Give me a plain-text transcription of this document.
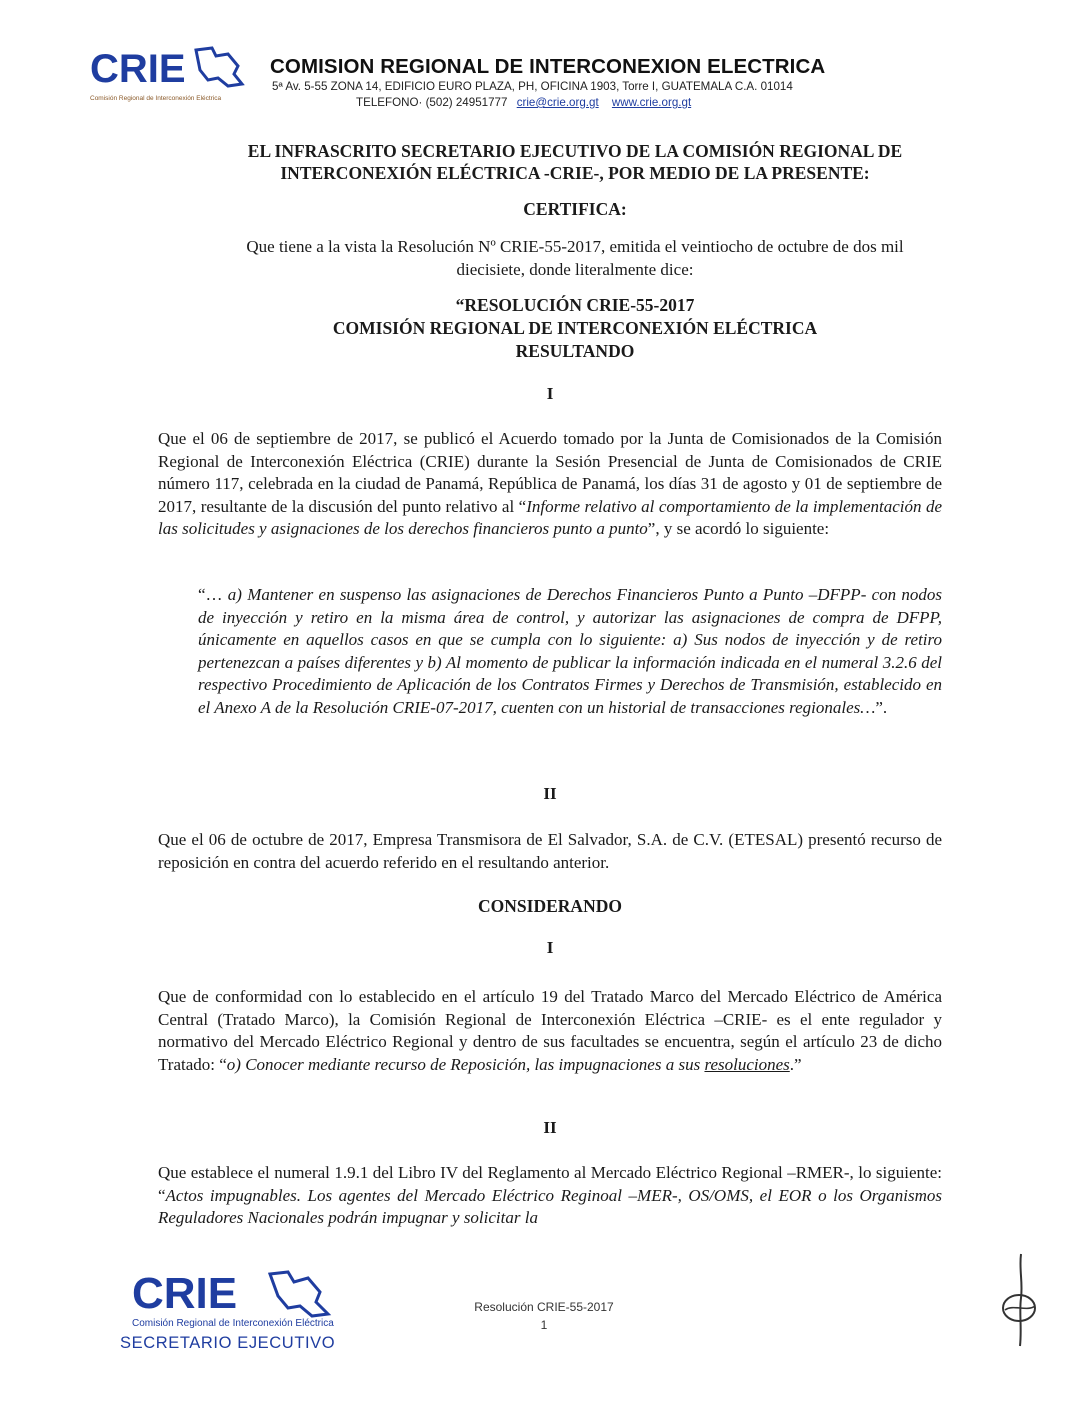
CRIE
Comisión Regional de Interconexión Eléctrica
COMISION REGIONAL DE INTERCONEXION ELECTRICA
5ª Av. 5-55 ZONA 14, EDIFICIO EURO PLAZA, PH, OFICINA 1903, Torre I, GUATEMALA C.A. 01014
TELEFONO· (502) 24951777 crie@crie.org.gt www.crie.org.gt
EL INFRASCRITO SECRETARIO EJECUTIVO DE LA COMISIÓN REGIONAL DE
INTERCONEXIÓN ELÉCTRICA -CRIE-, POR MEDIO DE LA PRESENTE:
CERTIFICA:
Que tiene a la vista la Resolución Nº CRIE-55-2017, emitida el veintiocho de octubre de dos mil
diecisiete, donde literalmente dice:
“RESOLUCIÓN CRIE-55-2017
COMISIÓN REGIONAL DE INTERCONEXIÓN ELÉCTRICA
RESULTANDO
I
Que el 06 de septiembre de 2017, se publicó el Acuerdo tomado por la Junta de Comisionados de la Comisión Regional de Interconexión Eléctrica (CRIE) durante la Sesión Presencial de Junta de Comisionados de CRIE número 117, celebrada en la ciudad de Panamá, República de Panamá, los días 31 de agosto y 01 de septiembre de 2017, resultante de la discusión del punto relativo al “Informe relativo al comportamiento de la implementación de las solicitudes y asignaciones de los derechos financieros punto a punto”, y se acordó lo siguiente:
“… a) Mantener en suspenso las asignaciones de Derechos Financieros Punto a Punto –DFPP- con nodos de inyección y retiro en la misma área de control, y autorizar las asignaciones de compra de DFPP, únicamente en aquellos casos en que se cumpla con lo siguiente: a) Sus nodos de inyección y de retiro pertenezcan a países diferentes y b) Al momento de publicar la información indicada en el numeral 3.2.6 del respectivo Procedimiento de Aplicación de los Contratos Firmes y Derechos de Transmisión, establecido en el Anexo A de la Resolución CRIE-07-2017, cuenten con un historial de transacciones regionales…”.
II
Que el 06 de octubre de 2017, Empresa Transmisora de El Salvador, S.A. de C.V. (ETESAL) presentó recurso de reposición en contra del acuerdo referido en el resultando anterior.
CONSIDERANDO
I
Que de conformidad con lo establecido en el artículo 19 del Tratado Marco del Mercado Eléctrico de América Central (Tratado Marco), la Comisión Regional de Interconexión Eléctrica –CRIE- es el ente regulador y normativo del Mercado Eléctrico Regional y dentro de sus facultades se encuentra, según el artículo 23 de dicho Tratado: “o) Conocer mediante recurso de Reposición, las impugnaciones a sus resoluciones.”
II
Que establece el numeral 1.9.1 del Libro IV del Reglamento al Mercado Eléctrico Regional –RMER-, lo siguiente: “Actos impugnables. Los agentes del Mercado Eléctrico Reginoal –MER-, OS/OMS, el EOR o los Organismos Reguladores Nacionales podrán impugnar y solicitar la
CRIE
Comisión Regional de Interconexión Eléctrica
SECRETARIO EJECUTIVO
Resolución CRIE-55-2017
1
